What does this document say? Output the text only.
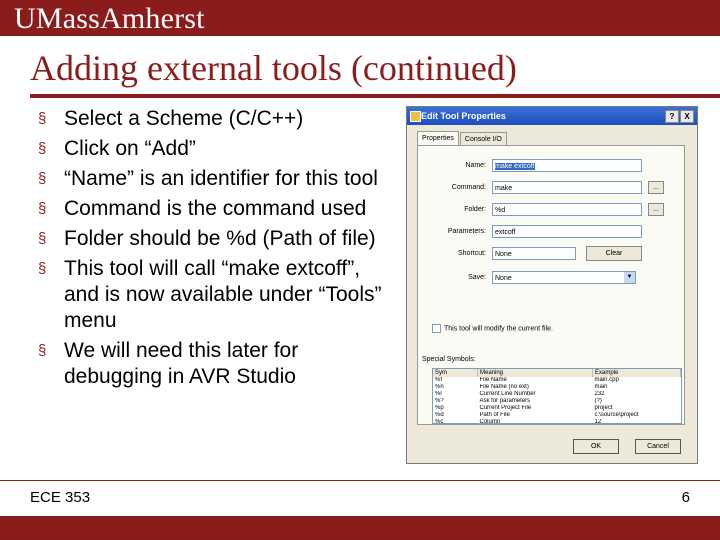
UMassAmherst
Adding external tools (continued)
§ Select a Scheme (C/C++)
§ Click on “Add”
§ “Name” is an identifier for this tool
§ Command is the command used
§ Folder should be %d (Path of file)
§ This tool will call “make extcoff”, and is now available under “Tools” menu
§ We will need this later for debugging in AVR Studio
Edit Tool Properties	?	X
Properties Console I/O
Name:	make extcoff
Command:	make	...
Folder:	%d	...
Parameters:	extcoff
Shortcut:	None	Clear
Save:	None	▼
This tool will modify the current file.
Special Symbols:
Sym	Meaning	Example
%f	File Name	main.cpp
%n	File Name (no ext)	main
%l	Current Line Number	232
%?	Ask for parameters	(?)
%p	Current Project File	project
%d	Path of File	c:\source\project
%c	Column	12
OK	Cancel
ECE 353	6
